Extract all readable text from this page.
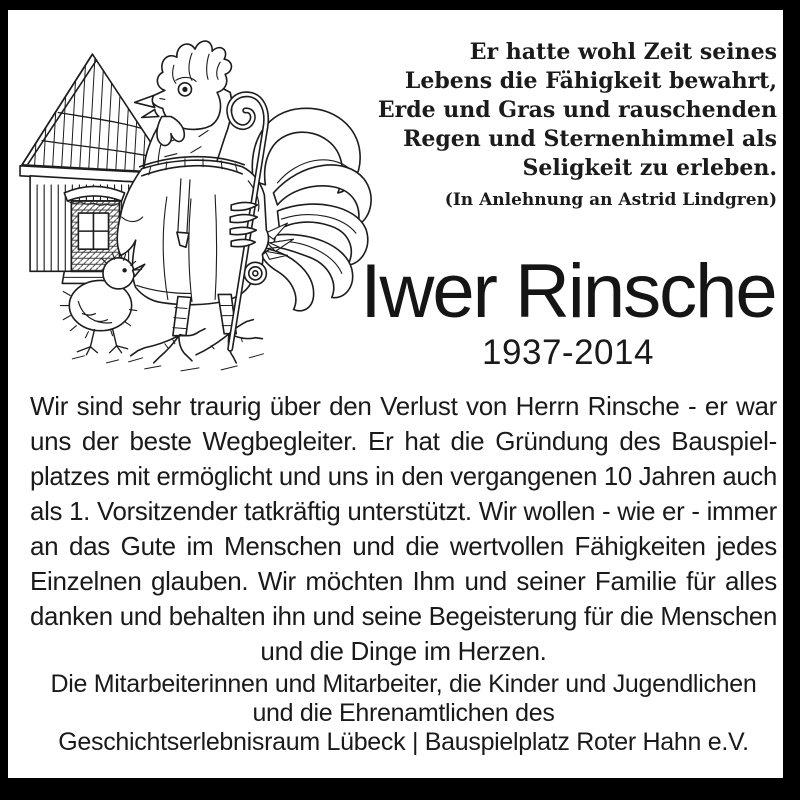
Er hatte wohl Zeit seines
Lebens die Fähigkeit bewahrt,
Erde und Gras und rauschenden
Regen und Sternenhimmel als
Seligkeit zu erleben.
(In Anlehnung an Astrid Lindgren)
Iwer Rinsche
1937-2014
Wir sind sehr traurig über den Verlust von Herrn Rinsche - er war
uns der beste Wegbegleiter. Er hat die Gründung des Bauspiel-
platzes mit ermöglicht und uns in den vergangenen 10 Jahren auch
als 1. Vorsitzender tatkräftig unterstützt. Wir wollen - wie er - immer
an das Gute im Menschen und die wertvollen Fähigkeiten jedes
Einzelnen glauben. Wir möchten Ihm und seiner Familie für alles
danken und behalten ihn und seine Begeisterung für die Menschen
und die Dinge im Herzen.
Die Mitarbeiterinnen und Mitarbeiter, die Kinder und Jugendlichen
und die Ehrenamtlichen des
Geschichtserlebnisraum Lübeck | Bauspielplatz Roter Hahn e.V.
